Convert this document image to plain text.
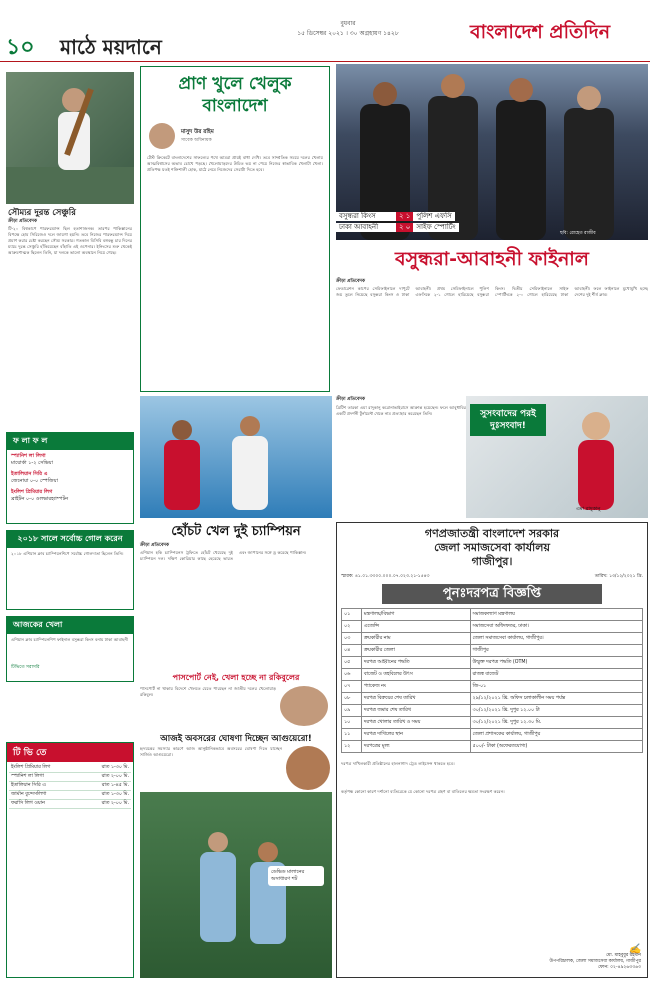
১০ মাঠে ময়দানে
বুধবার
১৫ ডিসেম্বর ২০২১ । ৩০ অগ্রহায়ণ ১৪২৮	বাংলাদেশ প্রতিদিন
সৌম্যর দুরন্ত সেঞ্চুরি
ক্রীড়া প্রতিবেদক
টি-২০ বিশ্বকাপে পারফরম্যান্স ছিল হতাশাজনক। তারপর পাকিস্তানের বিপক্ষে হোম সিরিজেও দলে জায়গা হয়নি। তবে নিজের পারফরম্যান্স দিয়ে প্রমাণ করার চেষ্টা করছেন সৌম্য সরকার। গতকাল বিসিবি বঙ্গবন্ধু চার দিনের ম্যাচে দুরন্ত সেঞ্চুরি হাঁকিয়েছেন বাঁহাতি এই ওপেনার। ইনিংসের শুরু থেকেই আক্রমণাত্মক ছিলেন তিনি, যা দলকে ভালো অবস্থানে নিয়ে গেছে।
ফ লা ফ ল
স্প্যানিশ লা লিগা
মায়োর্কা ১-২ সেভিয়া
ইতালিয়ান সিরি এ
জেনোয়া ০-০ স্পেজিয়া
ইংলিশ প্রিমিয়ার লিগ
ব্রাইটন ০-০ ওলভারহ্যাম্পটন
২০১৮ সালে সর্বোচ্চ গোল করেন
২০১৮ এশিয়ান ক্লাব চ্যাম্পিয়নশিপে সর্বোচ্চ গোলদাতা ছিলেন তিনি।
আজকের খেলা
এশিয়ান ক্লাব চ্যাম্পিয়নশিপ ফাইনাল বসুন্ধরা কিংস বনাম ঢাকা আবাহনী
টিভিতে সরাসরি
টি ভি তে
ইংলিশ প্রিমিয়ার লিগ	রাত ১-৩০ মি.
স্প্যানিশ লা লিগা	রাত ২-০০ মি.
ইতালিয়ান সিরি এ	রাত ১-৪৫ মি.
জার্মান বুন্দেসলিগা	রাত ১-৩০ মি.
ফরাসি লিগ ওয়ান	রাত ২-০০ মি.
প্রাণ খুলে খেলুক বাংলাদেশ
মাসুদ উর রহিম
সাবেক অধিনায়ক
টেস্ট ক্রিকেটে বাংলাদেশের সাফল্যের পথে আমরা প্রায়ই বাধা দেখি। তবে সাম্প্রতিক সময়ে দলের খেলায় আত্মবিশ্বাসের অভাব চোখে পড়ছে। খেলোয়াড়দের উচিত ভয় না পেয়ে নিজের স্বাভাবিক খেলাটা খেলা। প্রতিপক্ষ যতই শক্তিশালী হোক, মাঠে নেমে নিজেদের সেরাটা দিতে হবে।
বসুন্ধরা কিংস	২ ১ পুলিশ এফসি
ঢাকা আবাহনী	২ ০ সাইফ স্পোর্টিং
ছবি: রোহেত রাজীব
বসুন্ধরা-আবাহনী ফাইনাল
ক্রীড়া প্রতিবেদক
ফেডারেশন কাপের সেমিফাইনালে দাপুটে জয় তুলে নিয়েছে বসুন্ধরা কিংস ও ঢাকা আবাহনী। প্রথম সেমিফাইনালে পুলিশ এফসিকে ২-১ গোলে হারিয়েছে বসুন্ধরা কিংস। দ্বিতীয় সেমিফাইনালে সাইফ স্পোর্টিংকে ২-০ গোলে হারিয়েছে ঢাকা আবাহনী। ফলে ফাইনালে মুখোমুখি হচ্ছে দেশের দুই শীর্ষ ক্লাব।
ক্রীড়া প্রতিবেদক
ব্রিটিশ তারকা এমা রাদুকানু করোনাভাইরাসে আক্রান্ত হয়েছেন। ফলে আবুধাবির একটি প্রদর্শনী টুর্নামেন্ট থেকে নাম প্রত্যাহার করেছেন তিনি।	সুসংবাদের পরই দুঃসংবাদ!
এমা রাদুকানু
হোঁচট খেল দুই চ্যাম্পিয়ন
ক্রীড়া প্রতিবেদক
এশিয়ান হকি চ্যাম্পিয়নস ট্রফিতে হোঁচট খেয়েছে দুই চ্যাম্পিয়ন দল। দক্ষিণ কোরিয়ার কাছে হেরেছে ভারত এবং জাপানের সঙ্গে ড্র করেছে পাকিস্তান।
পাসপোর্ট নেই, খেলা হচ্ছে না রকিবুলের
পাসপোর্ট না থাকায় বিদেশে খেলতে যেতে পারছেন না জাতীয় দলের খেলোয়াড় রকিবুল।
আজই অবসরের ঘোষণা দিচ্ছেন আগুয়েরো!
হৃদযন্ত্রের সমস্যার কারণে আজ আনুষ্ঠানিকভাবে অবসরের ঘোষণা দিতে যাচ্ছেন সার্জিও আগুয়েরো।
ডেভিড মালানের অসাধারণ শট
গণপ্রজাতন্ত্রী বাংলাদেশ সরকার
জেলা সমাজসেবা কার্যালয়
গাজীপুর।
স্মারক: ৪১.০১.৩৩০০.০০০.০৭.০২৩.২১-১৫৪৩	তারিখ: ১৩/১২/২০২১ খ্রি.
পুনঃদরপত্র বিজ্ঞপ্তি
০১	মন্ত্রণালয়/বিভাগ	সমাজকল্যাণ মন্ত্রণালয়
০২	এজেন্সি	সমাজসেবা অধিদফতর, ঢাকা।
০৩	ক্রয়কারীর নাম	জেলা সমাজসেবা কার্যালয়, গাজীপুর।
০৪	ক্রয়কারীর জেলা	গাজীপুর
০৫	দরপত্র আহ্বানের পদ্ধতি	উন্মুক্ত দরপত্র পদ্ধতি (OTM)
০৬	বাজেট ও তহবিলের উৎস	রাজস্ব বাজেট
০৭	প্যাকেজ নং	জি-০১
০৮	দরপত্র বিক্রয়ের শেষ তারিখ	২৯/১২/২০২১ খ্রি. অফিস চলাকালীন সময় পর্যন্ত
০৯	দরপত্র জমার শেষ তারিখ	৩০/১২/২০২১ খ্রি. দুপুর ১২.০০ টা
১০	দরপত্র খোলার তারিখ ও সময়	৩০/১২/২০২১ খ্রি. দুপুর ১২.৩০ মি.
১১	দরপত্র দাখিলের স্থান	জেলা প্রশাসকের কার্যালয়, গাজীপুর
১২	দরপত্রের মূল্য	৫০০/- টাকা (অফেরতযোগ্য)
দরপত্র দাখিলকারী প্রতিষ্ঠানের হালনাগাদ ট্রেড লাইসেন্স থাকতে হবে।
কর্তৃপক্ষ কোনো কারণ দর্শানো ব্যতিরেকে যে কোনো দরপত্র গ্রহণ বা বাতিলের ক্ষমতা সংরক্ষণ করেন।
✍
মো. মাহবুবুর রহমান
উপপরিচালক, জেলা সমাজসেবা কার্যালয়, গাজীপুর
ফোন: ০২-৪৯২৬৩৩৬৩
